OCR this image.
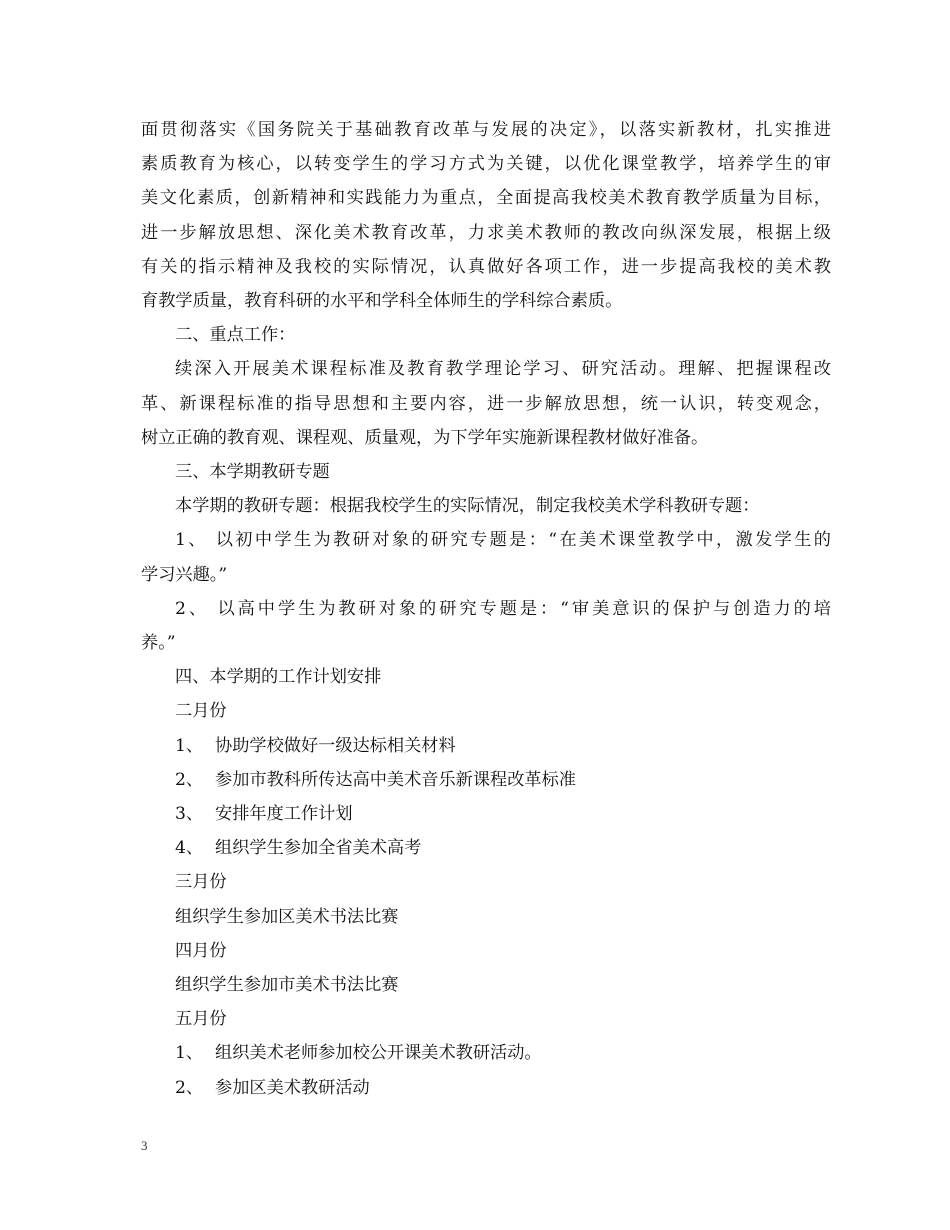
面贯彻落实《国务院关于基础教育改革与发展的决定》，以落实新教材，扎实推进
素质教育为核心，以转变学生的学习方式为关键，以优化课堂教学，培养学生的审
美文化素质，创新精神和实践能力为重点，全面提高我校美术教育教学质量为目标，
进一步解放思想、深化美术教育改革，力求美术教师的教改向纵深发展，根据上级
有关的指示精神及我校的实际情况，认真做好各项工作，进一步提高我校的美术教
育教学质量，教育科研的水平和学科全体师生的学科综合素质。
二、重点工作：
续深入开展美术课程标准及教育教学理论学习、研究活动。理解、把握课程改
革、新课程标准的指导思想和主要内容，进一步解放思想，统一认识，转变观念，
树立正确的教育观、课程观、质量观，为下学年实施新课程教材做好准备。
三、本学期教研专题
本学期的教研专题：根据我校学生的实际情况，制定我校美术学科教研专题：
1、 以初中学生为教研对象的研究专题是：“在美术课堂教学中，激发学生的
学习兴趣。”
2、 以高中学生为教研对象的研究专题是：“审美意识的保护与创造力的培
养。”
四、本学期的工作计划安排
二月份
1、 协助学校做好一级达标相关材料
2、 参加市教科所传达高中美术音乐新课程改革标准
3、 安排年度工作计划
4、 组织学生参加全省美术高考
三月份
组织学生参加区美术书法比赛
四月份
组织学生参加市美术书法比赛
五月份
1、 组织美术老师参加校公开课美术教研活动。
2、 参加区美术教研活动
3
